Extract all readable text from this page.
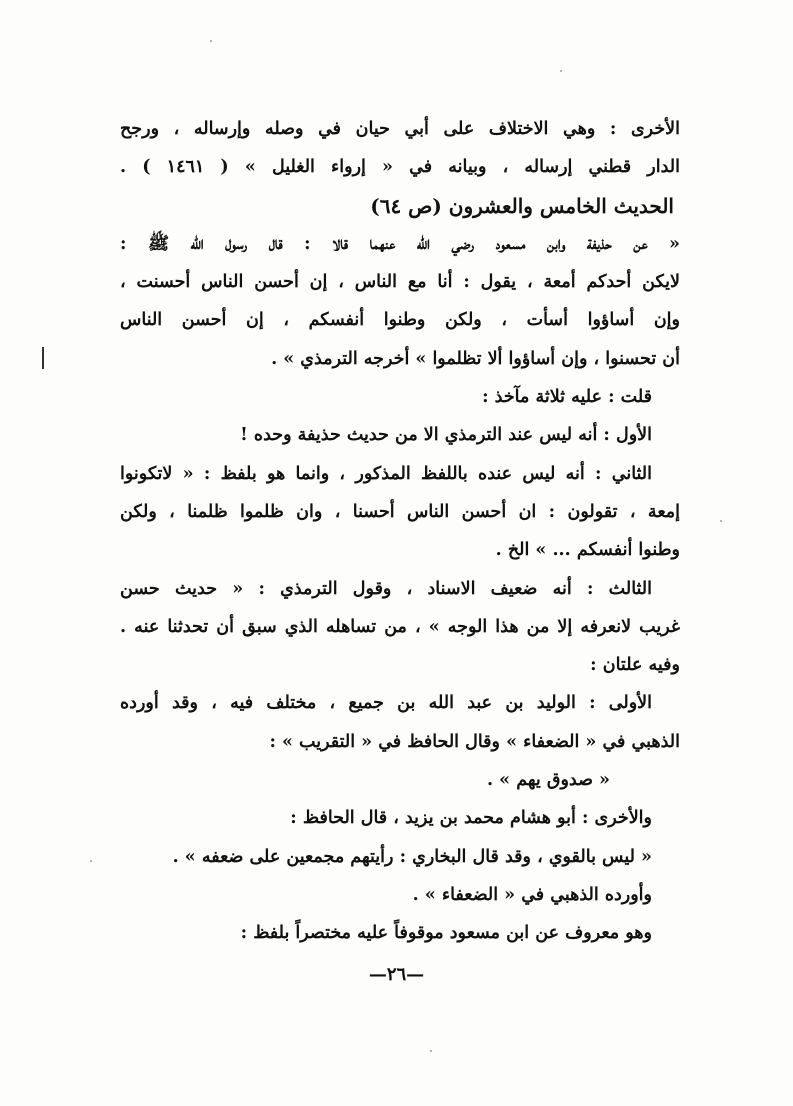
الأخرى : وهي الاختلاف على أبي حيان في وصله وإرساله ، ورجح
الدار قطني إرساله ، وبيانه في « إرواء الغليل » ( ١٤٦١ ) .
الحديث الخامس والعشرون (ص ٦٤)
« عن حذيفة وابن مسعود رضي الله عنهما قالا : قال رسول الله ﷺ :
لايكن أحدكم أمعة ، يقول : أنا مع الناس ، إن أحسن الناس أحسنت ،
وإن أساؤوا أسأت ، ولكن وطنوا أنفسكم ، إن أحسن الناس
أن تحسنوا ، وإن أساؤوا ألا تظلموا » أخرجه الترمذي » .
قلت : عليه ثلاثة مآخذ :
الأول : أنه ليس عند الترمذي الا من حديث حذيفة وحده !
الثاني : أنه ليس عنده باللفظ المذكور ، وانما هو بلفظ : « لاتكونوا
إمعة ، تقولون : ان أحسن الناس أحسنا ، وان ظلموا ظلمنا ، ولكن
وطنوا أنفسكم ... » الخ .
الثالث : أنه ضعيف الاسناد ، وقول الترمذي : « حديث حسن
غريب لانعرفه إلا من هذا الوجه » ، من تساهله الذي سبق أن تحدثنا عنه .
وفيه علتان :
الأولى : الوليد بن عبد الله بن جميع ، مختلف فيه ، وقد أورده
الذهبي في « الضعفاء » وقال الحافظ في « التقريب » :
« صدوق يهم » .
والأخرى : أبو هشام محمد بن يزيد ، قال الحافظ :
« ليس بالقوي ، وقد قال البخاري : رأيتهم مجمعين على ضعفه » .
وأورده الذهبي في « الضعفاء » .
وهو معروف عن ابن مسعود موقوفاً عليه مختصراً بلفظ :
—٢٦—
